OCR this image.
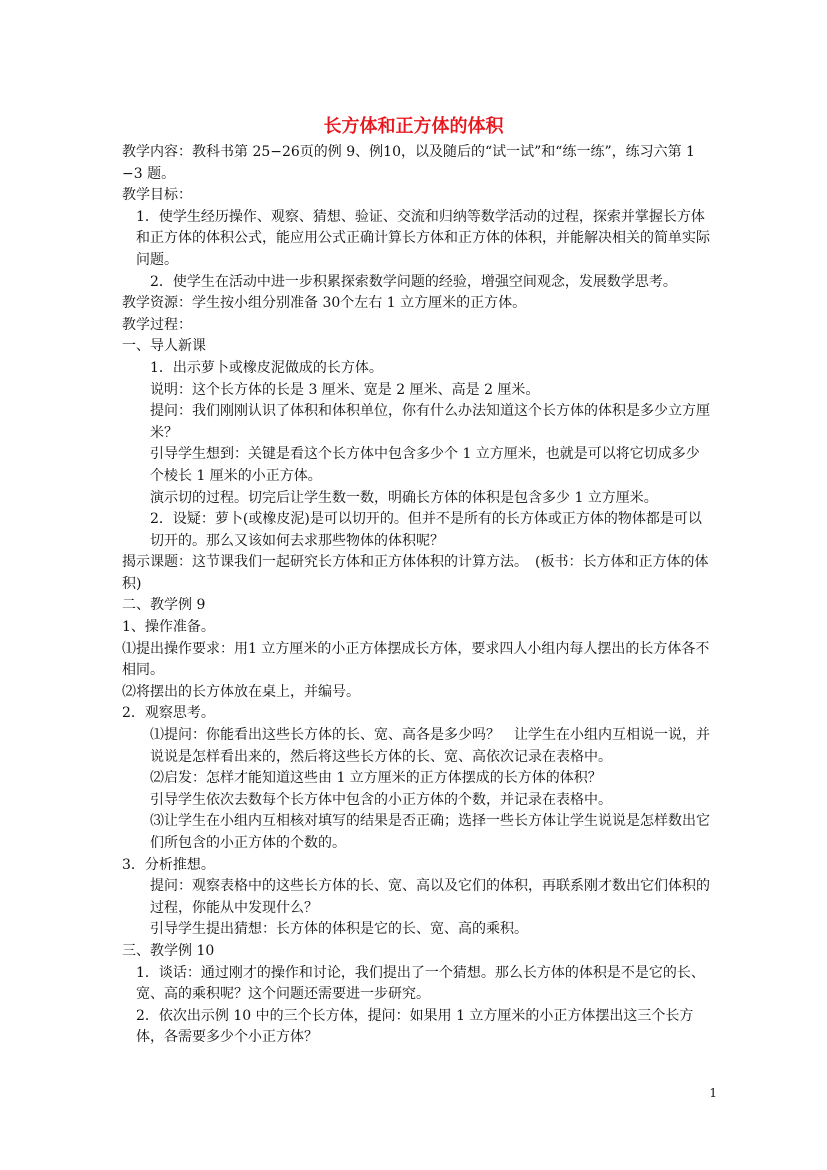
长方体和正方体的体积

教学内容：教科书第 25−26页的例 9、例10，以及随后的“试一试”和“练一练”，练习六第 1−3 题。

教学目标：

1．使学生经历操作、观察、猜想、验证、交流和归纳等数学活动的过程，探索并掌握长方体和正方体的体积公式，能应用公式正确计算长方体和正方体的体积，并能解决相关的简单实际问题。

2．使学生在活动中进一步积累探索数学问题的经验，增强空间观念，发展数学思考。

教学资源：学生按小组分别准备 30个左右 1 立方厘米的正方体。

教学过程：

一、导人新课

1．出示萝卜或橡皮泥做成的长方体。

说明：这个长方体的长是 3 厘米、宽是 2 厘米、高是 2 厘米。

提问：我们刚刚认识了体积和体积单位，你有什么办法知道这个长方体的体积是多少立方厘米？

引导学生想到：关键是看这个长方体中包含多少个 1 立方厘米，也就是可以将它切成多少个棱长 1 厘米的小正方体。

演示切的过程。切完后让学生数一数，明确长方体的体积是包含多少 1 立方厘米。

2．设疑：萝卜(或橡皮泥)是可以切开的。但并不是所有的长方体或正方体的物体都是可以切开的。那么又该如何去求那些物体的体积呢？

揭示课题：这节课我们一起研究长方体和正方体体积的计算方法。　(板书：长方体和正方体的体积)

二、教学例 9

1、操作准备。

⑴提出操作要求：用1 立方厘米的小正方体摆成长方体，要求四人小组内每人摆出的长方体各不相同。

⑵将摆出的长方体放在桌上，并编号。

2．观察思考。

⑴提问：你能看出这些长方体的长、宽、高各是多少吗？　让学生在小组内互相说一说，并说说是怎样看出来的，然后将这些长方体的长、宽、高依次记录在表格中。

⑵启发：怎样才能知道这些由 1 立方厘米的正方体摆成的长方体的体积？

引导学生依次去数每个长方体中包含的小正方体的个数，并记录在表格中。

⑶让学生在小组内互相核对填写的结果是否正确；选择一些长方体让学生说说是怎样数出它们所包含的小正方体的个数的。

3．分析推想。

提问：观察表格中的这些长方体的长、宽、高以及它们的体积，再联系刚才数出它们体积的过程，你能从中发现什么？

引导学生提出猜想：长方体的体积是它的长、宽、高的乘积。

三、教学例 10

1．谈话：通过刚才的操作和讨论，我们提出了一个猜想。那么长方体的体积是不是它的长、宽、高的乘积呢？这个问题还需要进一步研究。

2．依次出示例 10 中的三个长方体，提问：如果用 1 立方厘米的小正方体摆出这三个长方体，各需要多少个小正方体？

1
